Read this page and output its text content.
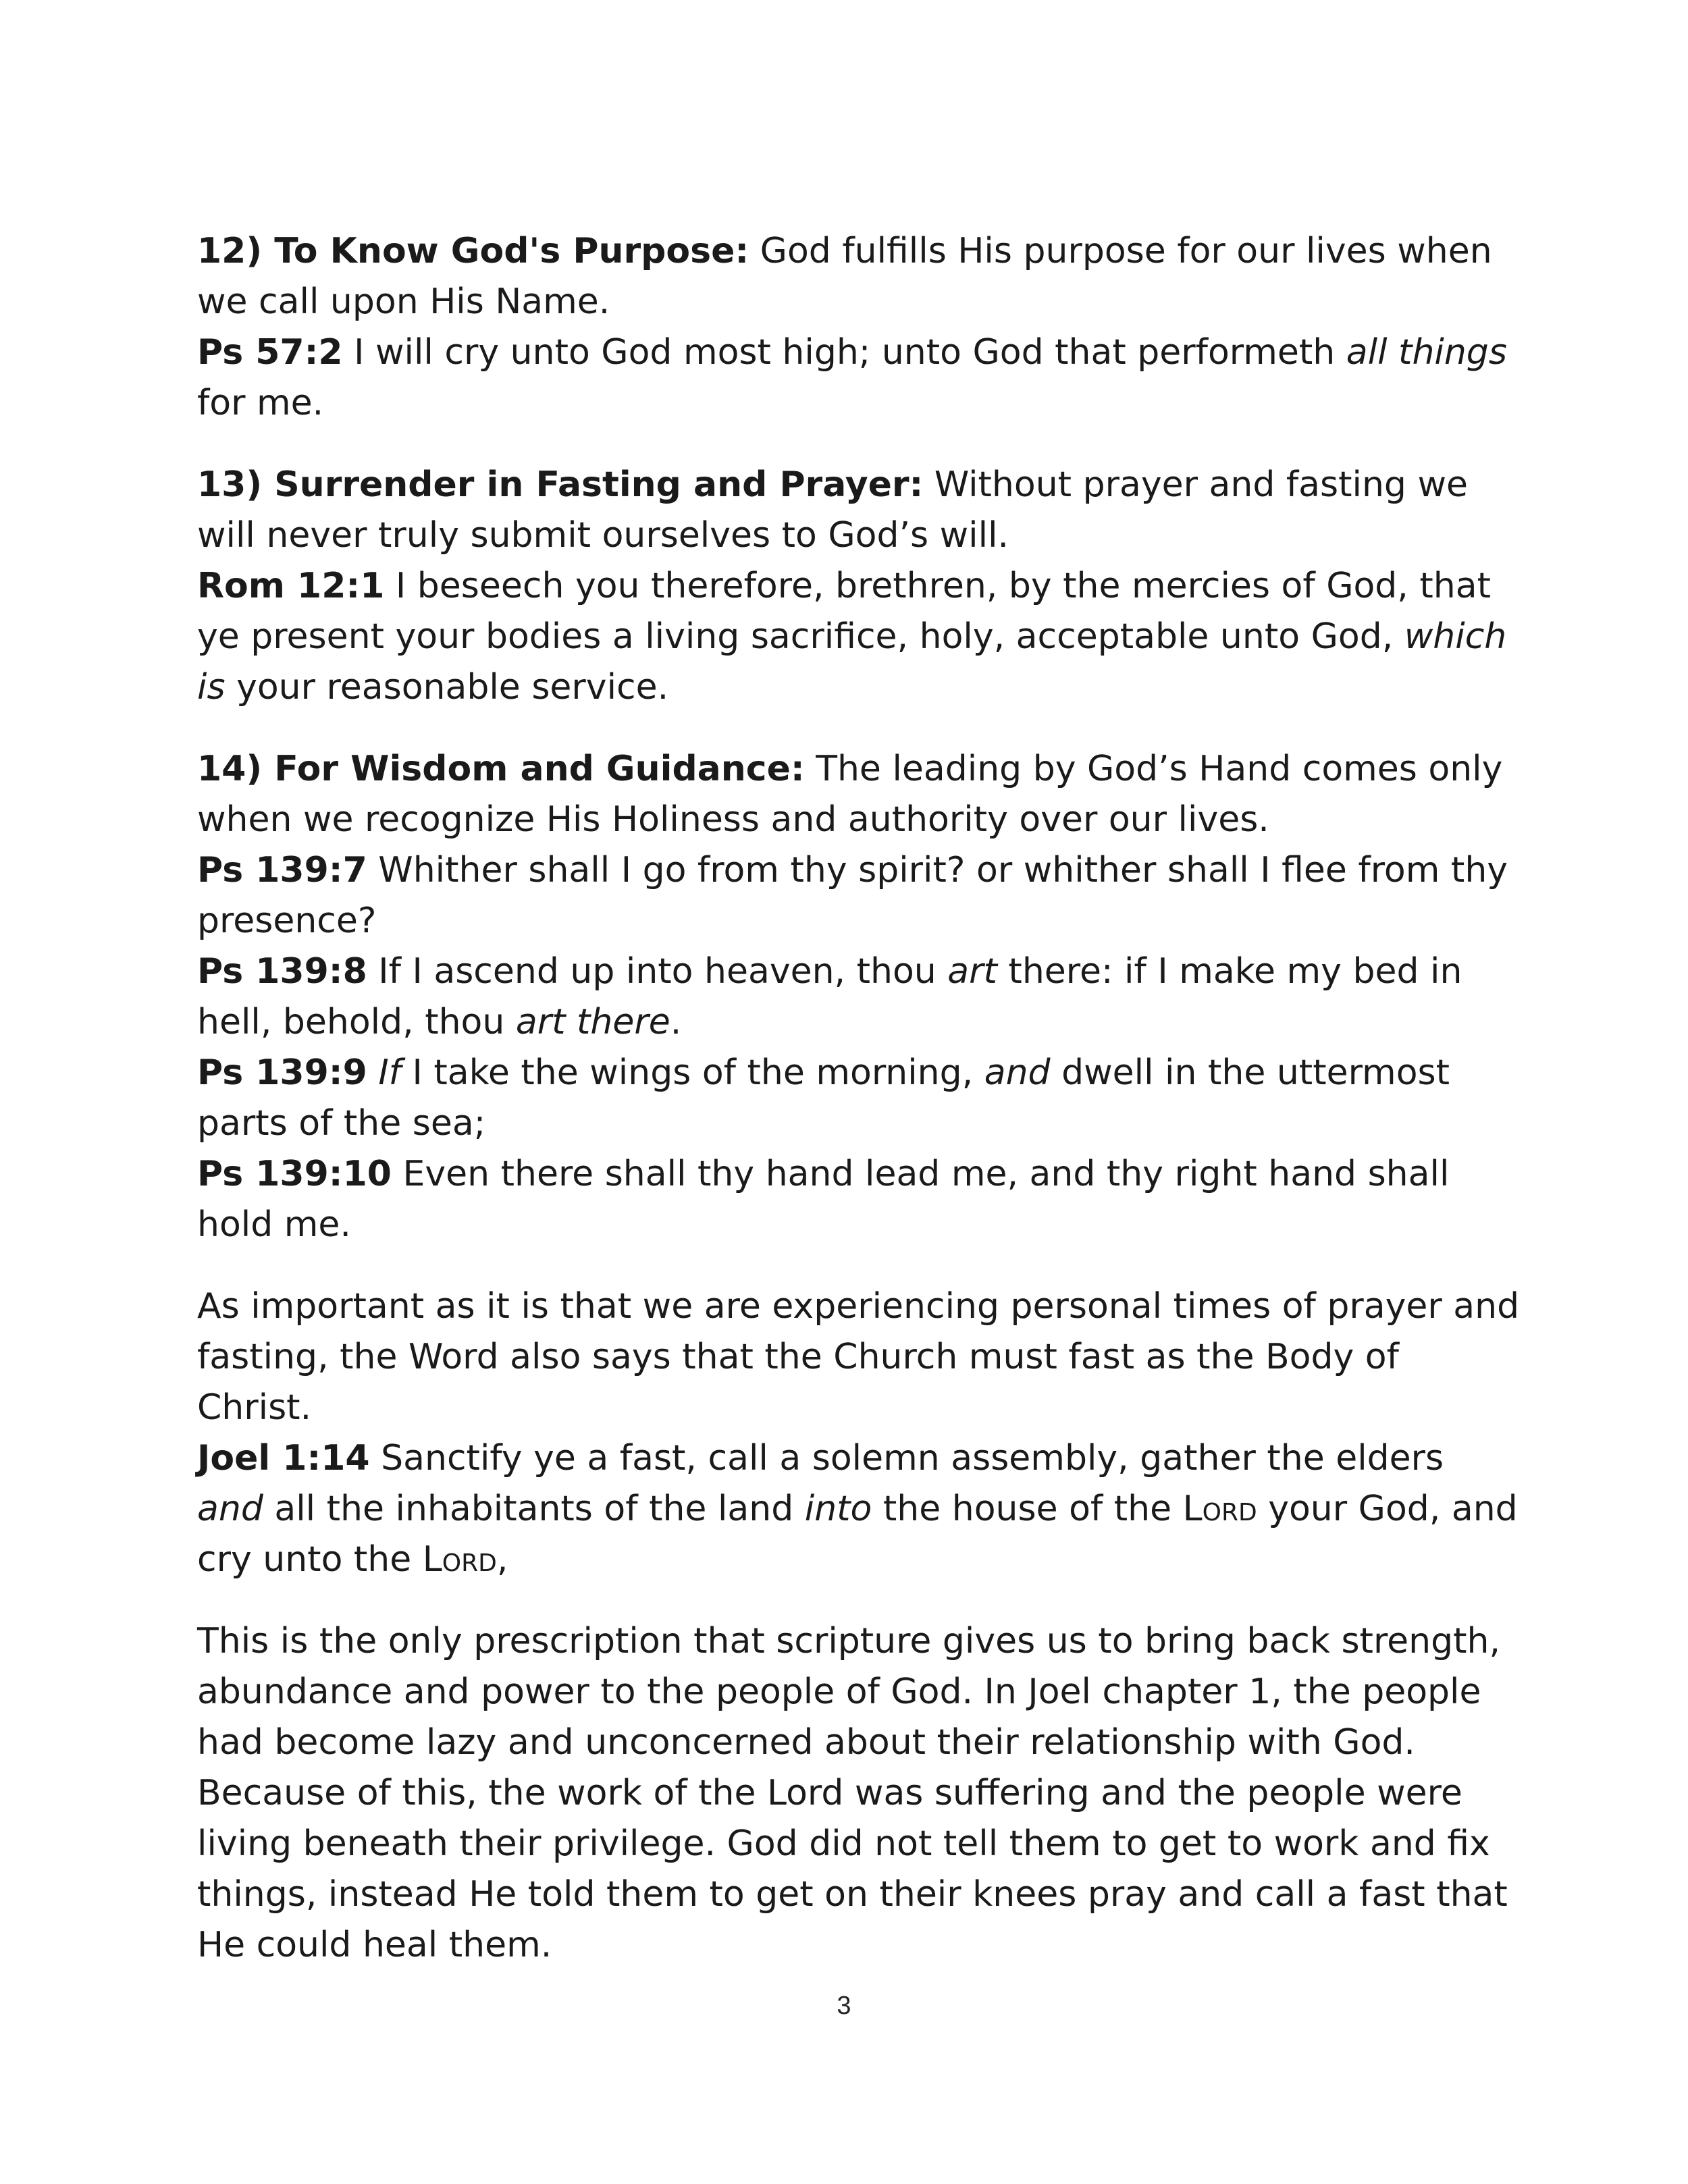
12) To Know God's Purpose: God fulfills His purpose for our lives when we call upon His Name.
Ps 57:2 I will cry unto God most high; unto God that performeth all things for me.
13) Surrender in Fasting and Prayer: Without prayer and fasting we will never truly submit ourselves to God’s will.
Rom 12:1 I beseech you therefore, brethren, by the mercies of God, that ye present your bodies a living sacrifice, holy, acceptable unto God, which is your reasonable service.
14) For Wisdom and Guidance: The leading by God’s Hand comes only when we recognize His Holiness and authority over our lives.
Ps 139:7 Whither shall I go from thy spirit? or whither shall I flee from thy presence?
Ps 139:8 If I ascend up into heaven, thou art there: if I make my bed in hell, behold, thou art there.
Ps 139:9 If I take the wings of the morning, and dwell in the uttermost parts of the sea;
Ps 139:10 Even there shall thy hand lead me, and thy right hand shall hold me.
As important as it is that we are experiencing personal times of prayer and fasting, the Word also says that the Church must fast as the Body of Christ.
Joel 1:14 Sanctify ye a fast, call a solemn assembly, gather the elders and all the inhabitants of the land into the house of the Lord your God, and cry unto the Lord,
This is the only prescription that scripture gives us to bring back strength, abundance and power to the people of God. In Joel chapter 1, the people had become lazy and unconcerned about their relationship with God. Because of this, the work of the Lord was suffering and the people were living beneath their privilege. God did not tell them to get to work and fix things, instead He told them to get on their knees pray and call a fast that He could heal them.
3
